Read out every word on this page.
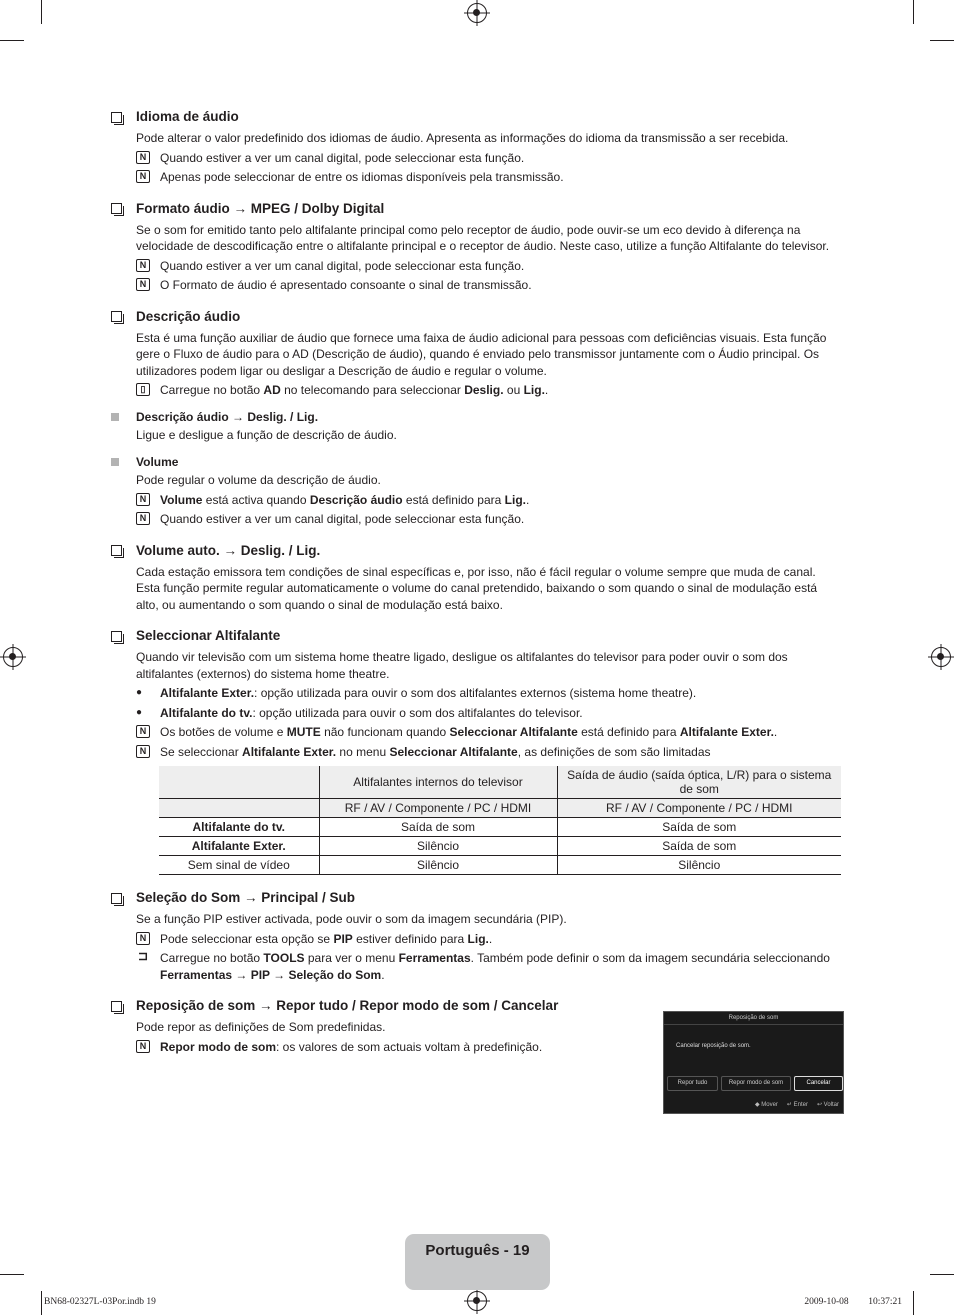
Idioma de áudio
Pode alterar o valor predefinido dos idiomas de áudio. Apresenta as informações do idioma da transmissão a ser recebida.
N	Quando estiver a ver um canal digital, pode seleccionar esta função.
N	Apenas pode seleccionar de entre os idiomas disponíveis pela transmissão.
Formato áudio → MPEG / Dolby Digital
Se o som for emitido tanto pelo altifalante principal como pelo receptor de áudio, pode ouvir-se um eco devido à diferença na velocidade de descodificação entre o altifalante principal e o receptor de áudio. Neste caso, utilize a função Altifalante do televisor.
N	Quando estiver a ver um canal digital, pode seleccionar esta função.
N	O Formato de áudio é apresentado consoante o sinal de transmissão.
Descrição áudio
Esta é uma função auxiliar de áudio que fornece uma faixa de áudio adicional para pessoas com deficiências visuais. Esta função gere o Fluxo de áudio para o AD (Descrição de áudio), quando é enviado pelo transmissor juntamente com o Áudio principal. Os utilizadores podem ligar ou desligar a Descrição de áudio e regular o volume.
▯	Carregue no botão AD no telecomando para seleccionar Deslig. ou Lig..
Descrição áudio → Deslig. / Lig.
Ligue e desligue a função de descrição de áudio.
Volume
Pode regular o volume da descrição de áudio.
N	Volume está activa quando Descrição áudio está definido para Lig..
N	Quando estiver a ver um canal digital, pode seleccionar esta função.
Volume auto. → Deslig. / Lig.
Cada estação emissora tem condições de sinal específicas e, por isso, não é fácil regular o volume sempre que muda de canal. Esta função permite regular automaticamente o volume do canal pretendido, baixando o som quando o sinal de modulação está alto, ou aumentando o som quando o sinal de modulação está baixo.
Seleccionar Altifalante
Quando vir televisão com um sistema home theatre ligado, desligue os altifalantes do televisor para poder ouvir o som dos altifalantes (externos) do sistema home theatre.
●	Altifalante Exter.: opção utilizada para ouvir o som dos altifalantes externos (sistema home theatre).
●	Altifalante do tv.: opção utilizada para ouvir o som dos altifalantes do televisor.
N	Os botões de volume e MUTE não funcionam quando Seleccionar Altifalante está definido para Altifalante Exter..
N	Se seleccionar Altifalante Exter. no menu Seleccionar Altifalante, as definições de som são limitadas
	Altifalantes internos do televisor	Saída de áudio (saída óptica, L/R) para o sistema de som
	RF / AV / Componente / PC / HDMI	RF / AV / Componente / PC / HDMI
Altifalante do tv.	Saída de som	Saída de som
Altifalante Exter.	Silêncio	Saída de som
Sem sinal de vídeo	Silêncio	Silêncio
Seleção do Som → Principal / Sub
Se a função PIP estiver activada, pode ouvir o som da imagem secundária (PIP).
N	Pode seleccionar esta opção se PIP estiver definido para Lig..
⊐ Carregue no botão TOOLS para ver o menu Ferramentas. Também pode definir o som da imagem secundária seleccionando Ferramentas → PIP → Seleção do Som.
Reposição de som → Repor tudo / Repor modo de som / Cancelar
Pode repor as definições de Som predefinidas.
N	Repor modo de som: os valores de som actuais voltam à predefinição.
Reposição de som
Cancelar reposição de som.
Repor tudo	Repor modo de som	Cancelar
◆ Mover ↵ Enter ↩ Voltar
Português - 19
BN68-02327L-03Por.indb 19	2009-10-08 ￿￿ 10:37:21
